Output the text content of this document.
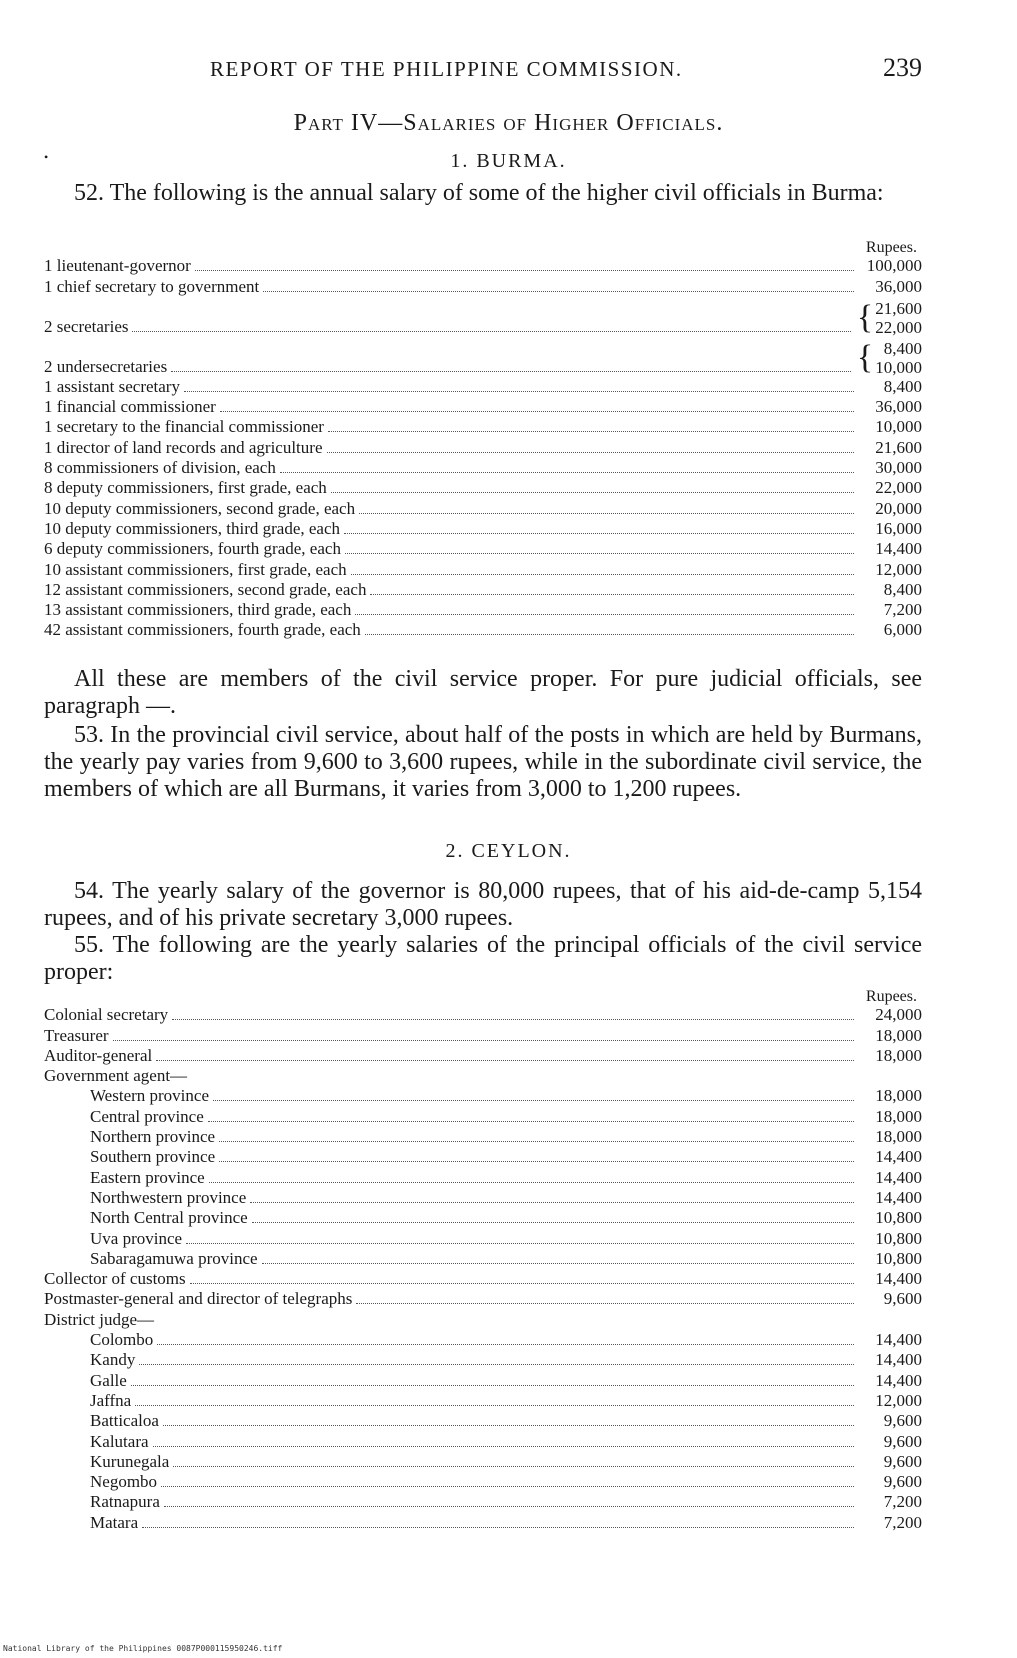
REPORT OF THE PHILIPPINE COMMISSION.	239
Part IV—Salaries of Higher Officials.
•	1. BURMA.
52. The following is the annual salary of some of the higher civil officials in Burma:
Rupees.
1 lieutenant-governor	100,000
1 chief secretary to government	36,000
2 secretaries	{ 21,600
22,000
2 undersecretaries	{ 8,400
10,000
1 assistant secretary	8,400
1 financial commissioner	36,000
1 secretary to the financial commissioner	10,000
1 director of land records and agriculture	21,600
8 commissioners of division, each	30,000
8 deputy commissioners, first grade, each	22,000
10 deputy commissioners, second grade, each	20,000
10 deputy commissioners, third grade, each	16,000
6 deputy commissioners, fourth grade, each	14,400
10 assistant commissioners, first grade, each	12,000
12 assistant commissioners, second grade, each	8,400
13 assistant commissioners, third grade, each	7,200
42 assistant commissioners, fourth grade, each	6,000
All these are members of the civil service proper. For pure judicial officials, see paragraph —.
53. In the provincial civil service, about half of the posts in which are held by Burmans, the yearly pay varies from 9,600 to 3,600 rupees, while in the subordinate civil service, the members of which are all Burmans, it varies from 3,000 to 1,200 rupees.
2. CEYLON.
54. The yearly salary of the governor is 80,000 rupees, that of his aid-de-camp 5,154 rupees, and of his private secretary 3,000 rupees.
55. The following are the yearly salaries of the principal officials of the civil service proper:
Rupees.
Colonial secretary	24,000
Treasurer	18,000
Auditor-general	18,000
Government agent—
Western province	18,000
Central province	18,000
Northern province	18,000
Southern province	14,400
Eastern province	14,400
Northwestern province	14,400
North Central province	10,800
Uva province	10,800
Sabaragamuwa province	10,800
Collector of customs	14,400
Postmaster-general and director of telegraphs	9,600
District judge—
Colombo	14,400
Kandy	14,400
Galle	14,400
Jaffna	12,000
Batticaloa	9,600
Kalutara	9,600
Kurunegala	9,600
Negombo	9,600
Ratnapura	7,200
Matara	7,200
National Library of the Philippines 0087P000115950246.tiff
